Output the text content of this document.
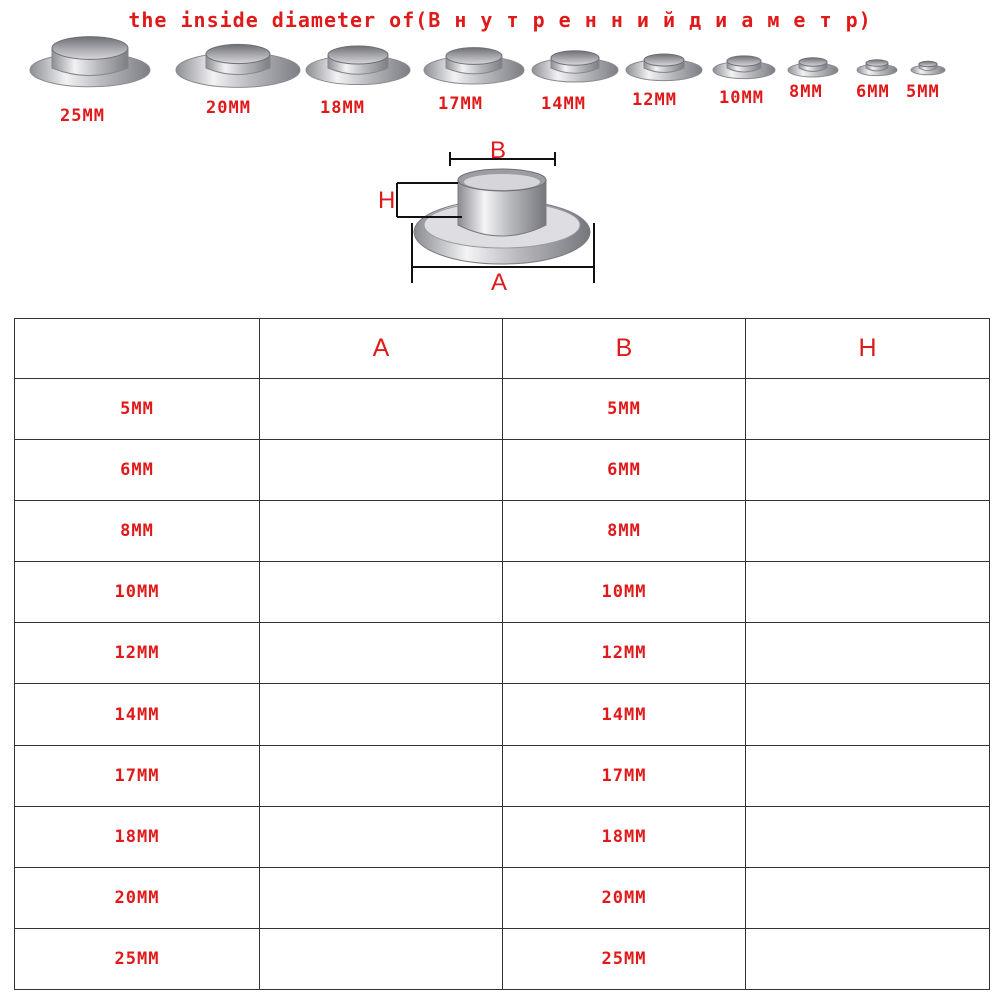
the inside diameter of(В н у т р е н н и й д и а м е т р)
25MM	20MM	18MM	17MM	14MM	12MM 10MM 8MM 6MM 5MM
B
H
A
	A	B	H
5MM		5MM	
6MM		6MM	
8MM		8MM	
10MM		10MM	
12MM		12MM	
14MM		14MM	
17MM		17MM	
18MM		18MM	
20MM		20MM	
25MM		25MM	
